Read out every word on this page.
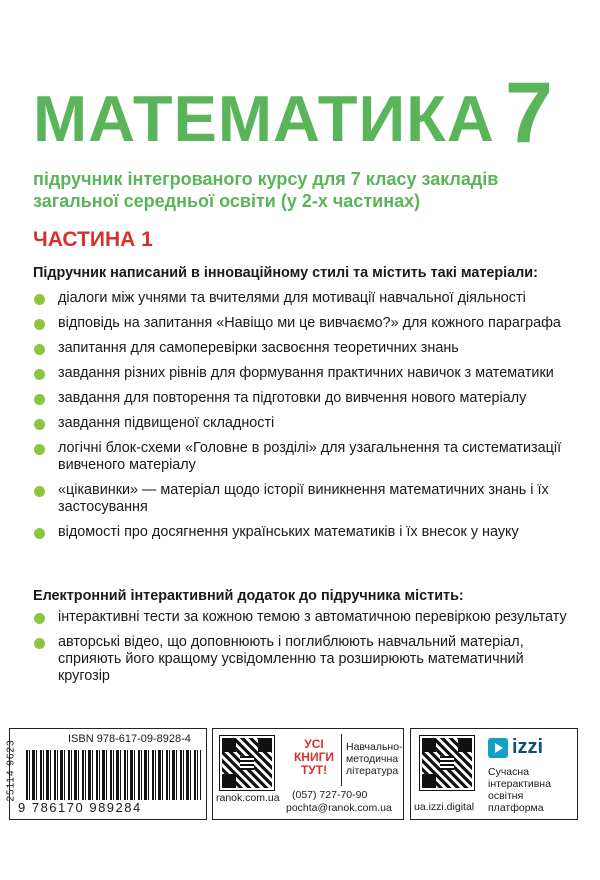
МАТЕМАТИКА 7
підручник інтегрованого курсу для 7 класу закладів загальної середньої освіти (у 2-х частинах)
ЧАСТИНА 1
Підручник написаний в інноваційному стилі та містить такі матеріали:
діалоги між учнями та вчителями для мотивації навчальної діяльності
відповідь на запитання «Навіщо ми це вивчаємо?» для кожного параграфа
запитання для самоперевірки засвоєння теоретичних знань
завдання різних рівнів для формування практичних навичок з математики
завдання для повторення та підготовки до вивчення нового матеріалу
завдання підвищеної складності
логічні блок-схеми «Головне в розділі» для узагальнення та систематизації вивченого матеріалу
«цікавинки» — матеріал щодо історії виникнення математичних знань і їх застосування
відомості про досягнення українських математиків і їх внесок у науку
Електронний інтерактивний додаток до підручника містить:
інтерактивні тести за кожною темою з автоматичною перевіркою результату
авторські відео, що доповнюють і поглиблюють навчальний матеріал, сприяють його кращому усвідомленню та розширюють математичний кругозір
ISBN 978-617-09-8928-4
9 786170 989284
25114 9623	ranok.com.ua
УСІ
КНИГИ
ТУТ!
Навчально-
методична
література
(057) 727-70-90
pochta@ranok.com.ua ua.izzi.digital
izzi
Сучасна
інтерактивна
освітня
платформа
